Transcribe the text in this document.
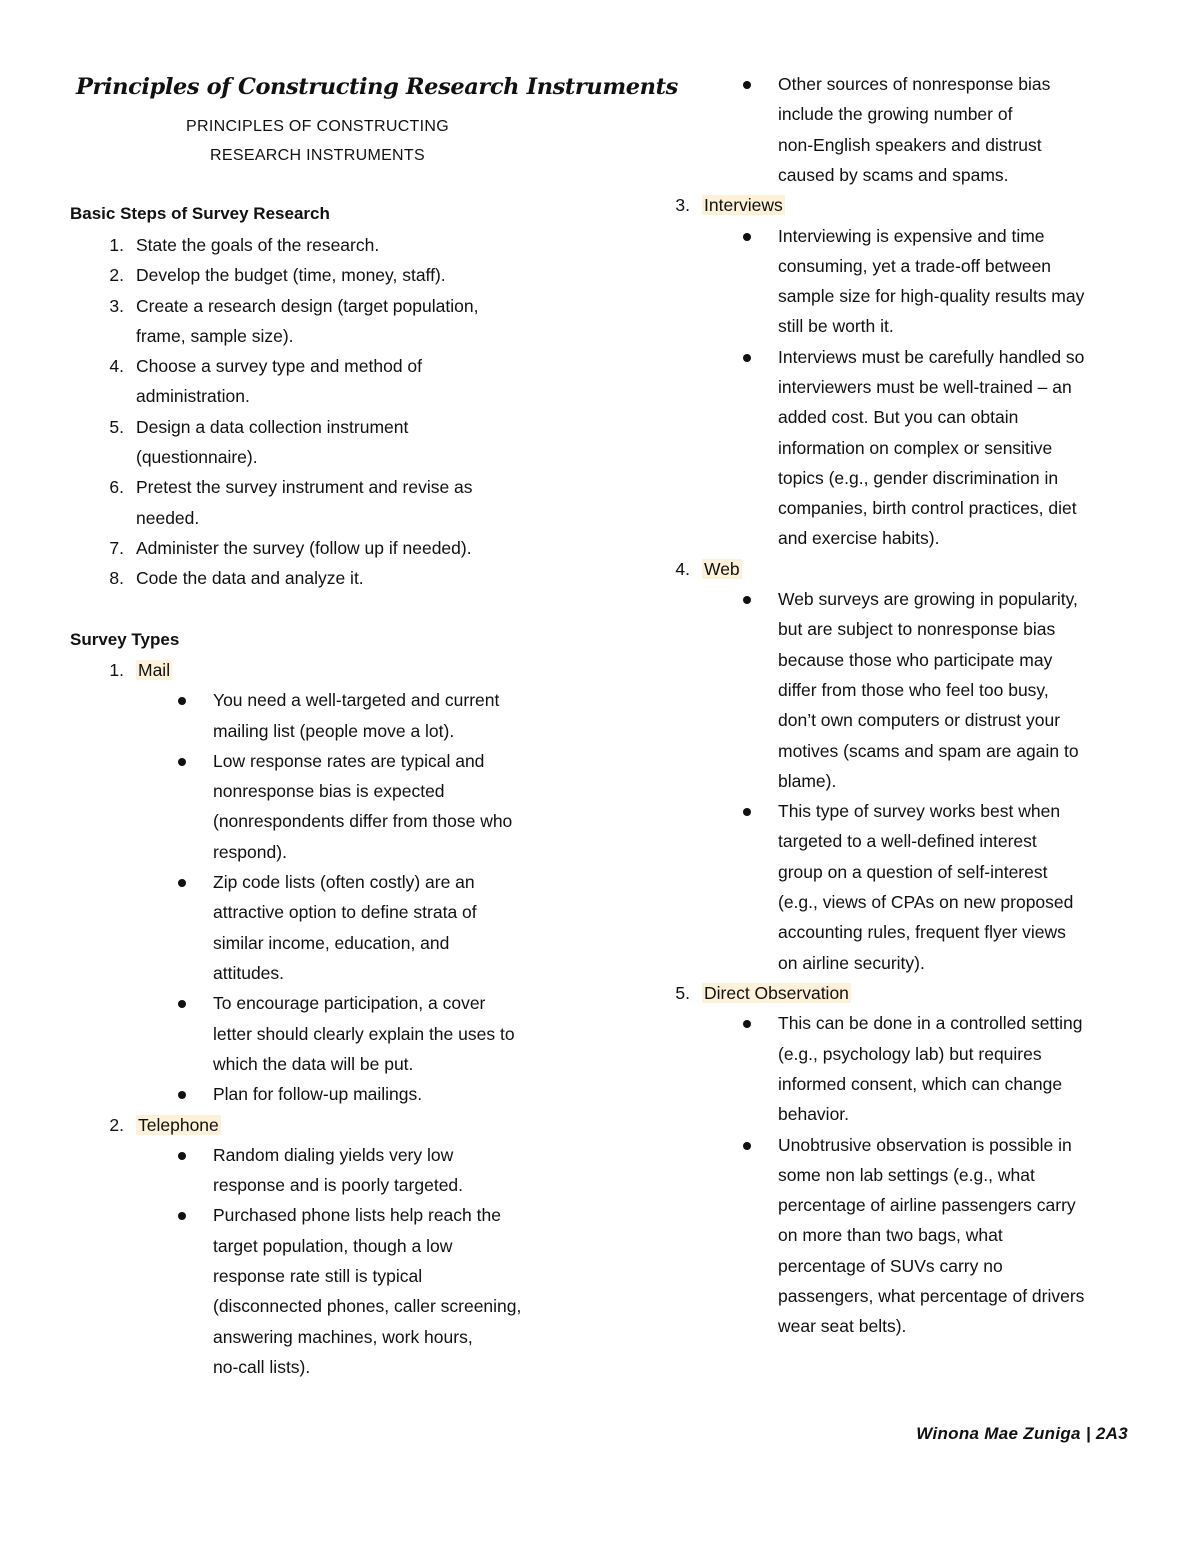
Principles of Constructing Research Instruments
PRINCIPLES OF CONSTRUCTING
RESEARCH INSTRUMENTS
Basic Steps of Survey Research
1. State the goals of the research.
2. Develop the budget (time, money, staff).
3. Create a research design (target population,
frame, sample size).
4. Choose a survey type and method of
administration.
5. Design a data collection instrument
(questionnaire).
6. Pretest the survey instrument and revise as
needed.
7. Administer the survey (follow up if needed).
8. Code the data and analyze it.
Survey Types
1. Mail
You need a well-targeted and current
mailing list (people move a lot).
Low response rates are typical and
nonresponse bias is expected
(nonrespondents differ from those who
respond).
Zip code lists (often costly) are an
attractive option to define strata of
similar income, education, and
attitudes.
To encourage participation, a cover
letter should clearly explain the uses to
which the data will be put.
Plan for follow-up mailings.
2. Telephone
Random dialing yields very low
response and is poorly targeted.
Purchased phone lists help reach the
target population, though a low
response rate still is typical
(disconnected phones, caller screening,
answering machines, work hours,
no-call lists).
Other sources of nonresponse bias
include the growing number of
non-English speakers and distrust
caused by scams and spams.
3. Interviews
Interviewing is expensive and time
consuming, yet a trade-off between
sample size for high-quality results may
still be worth it.
Interviews must be carefully handled so
interviewers must be well-trained – an
added cost. But you can obtain
information on complex or sensitive
topics (e.g., gender discrimination in
companies, birth control practices, diet
and exercise habits).
4. Web
Web surveys are growing in popularity,
but are subject to nonresponse bias
because those who participate may
differ from those who feel too busy,
don’t own computers or distrust your
motives (scams and spam are again to
blame).
This type of survey works best when
targeted to a well-defined interest
group on a question of self-interest
(e.g., views of CPAs on new proposed
accounting rules, frequent flyer views
on airline security).
5. Direct Observation
This can be done in a controlled setting
(e.g., psychology lab) but requires
informed consent, which can change
behavior.
Unobtrusive observation is possible in
some non lab settings (e.g., what
percentage of airline passengers carry
on more than two bags, what
percentage of SUVs carry no
passengers, what percentage of drivers
wear seat belts).
Winona Mae Zuniga | 2A3
